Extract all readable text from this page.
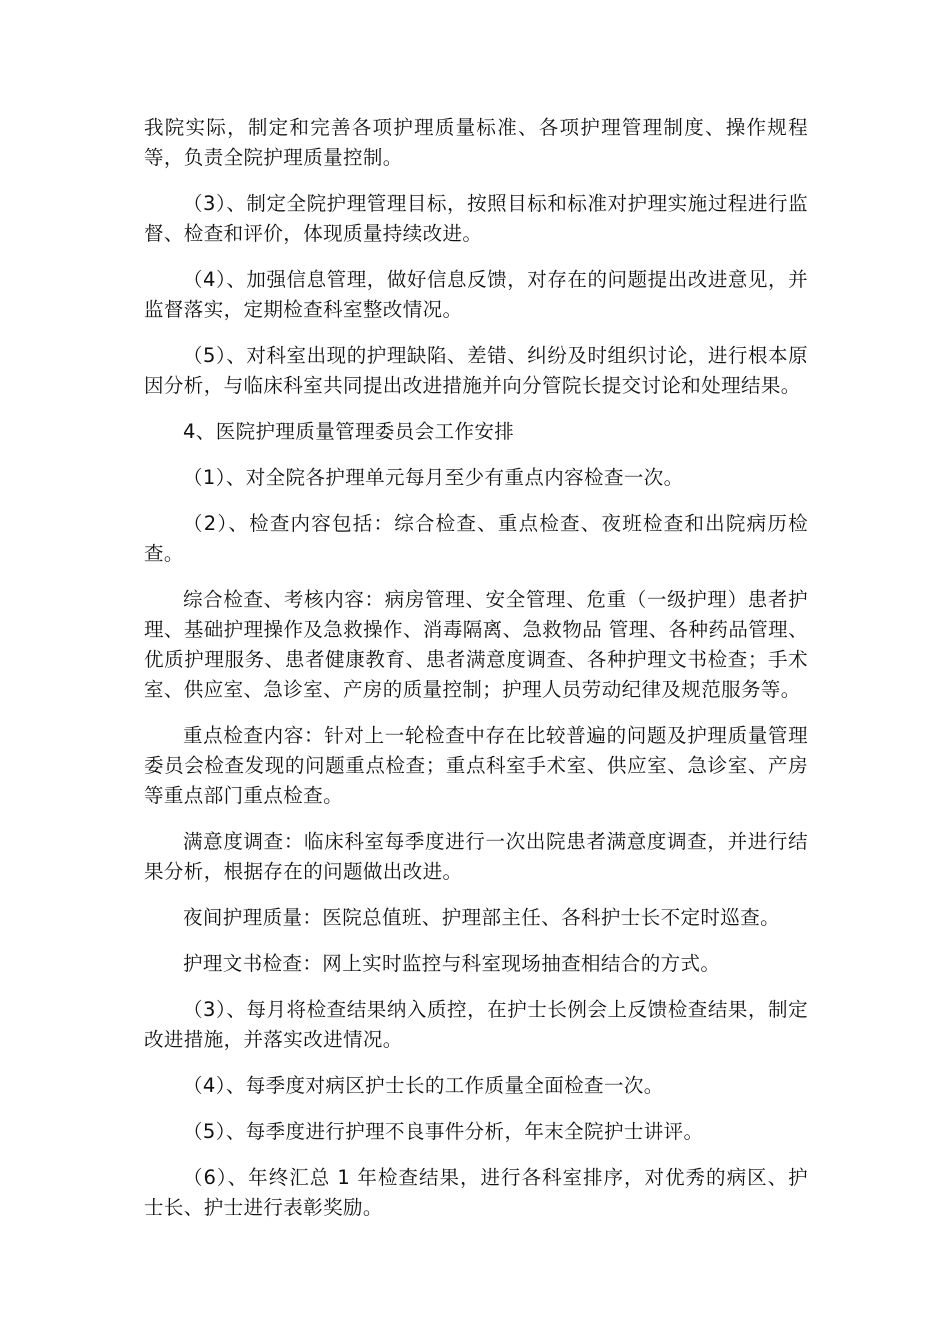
我院实际，制定和完善各项护理质量标准、各项护理管理制度、操作规程等，负责全院护理质量控制。

（3）、制定全院护理管理目标，按照目标和标准对护理实施过程进行监督、检查和评价，体现质量持续改进。

（4）、加强信息管理，做好信息反馈，对存在的问题提出改进意见，并监督落实，定期检查科室整改情况。

（5）、对科室出现的护理缺陷、差错、纠纷及时组织讨论，进行根本原因分析，与临床科室共同提出改进措施并向分管院长提交讨论和处理结果。

4、医院护理质量管理委员会工作安排

（1）、对全院各护理单元每月至少有重点内容检查一次。

（2）、检查内容包括：综合检查、重点检查、夜班检查和出院病历检查。

综合检查、考核内容：病房管理、安全管理、危重（一级护理）患者护理、基础护理操作及急救操作、消毒隔离、急救物品 管理、各种药品管理、优质护理服务、患者健康教育、患者满意度调查、各种护理文书检查；手术室、供应室、急诊室、产房的质量控制；护理人员劳动纪律及规范服务等。

重点检查内容：针对上一轮检查中存在比较普遍的问题及护理质量管理委员会检查发现的问题重点检查；重点科室手术室、供应室、急诊室、产房等重点部门重点检查。

满意度调查：临床科室每季度进行一次出院患者满意度调查，并进行结果分析，根据存在的问题做出改进。

夜间护理质量：医院总值班、护理部主任、各科护士长不定时巡查。

护理文书检查：网上实时监控与科室现场抽查相结合的方式。

（3）、每月将检查结果纳入质控，在护士长例会上反馈检查结果，制定改进措施，并落实改进情况。

（4）、每季度对病区护士长的工作质量全面检查一次。

（5）、每季度进行护理不良事件分析，年末全院护士讲评。

（6）、年终汇总 1 年检查结果，进行各科室排序，对优秀的病区、护士长、护士进行表彰奖励。
